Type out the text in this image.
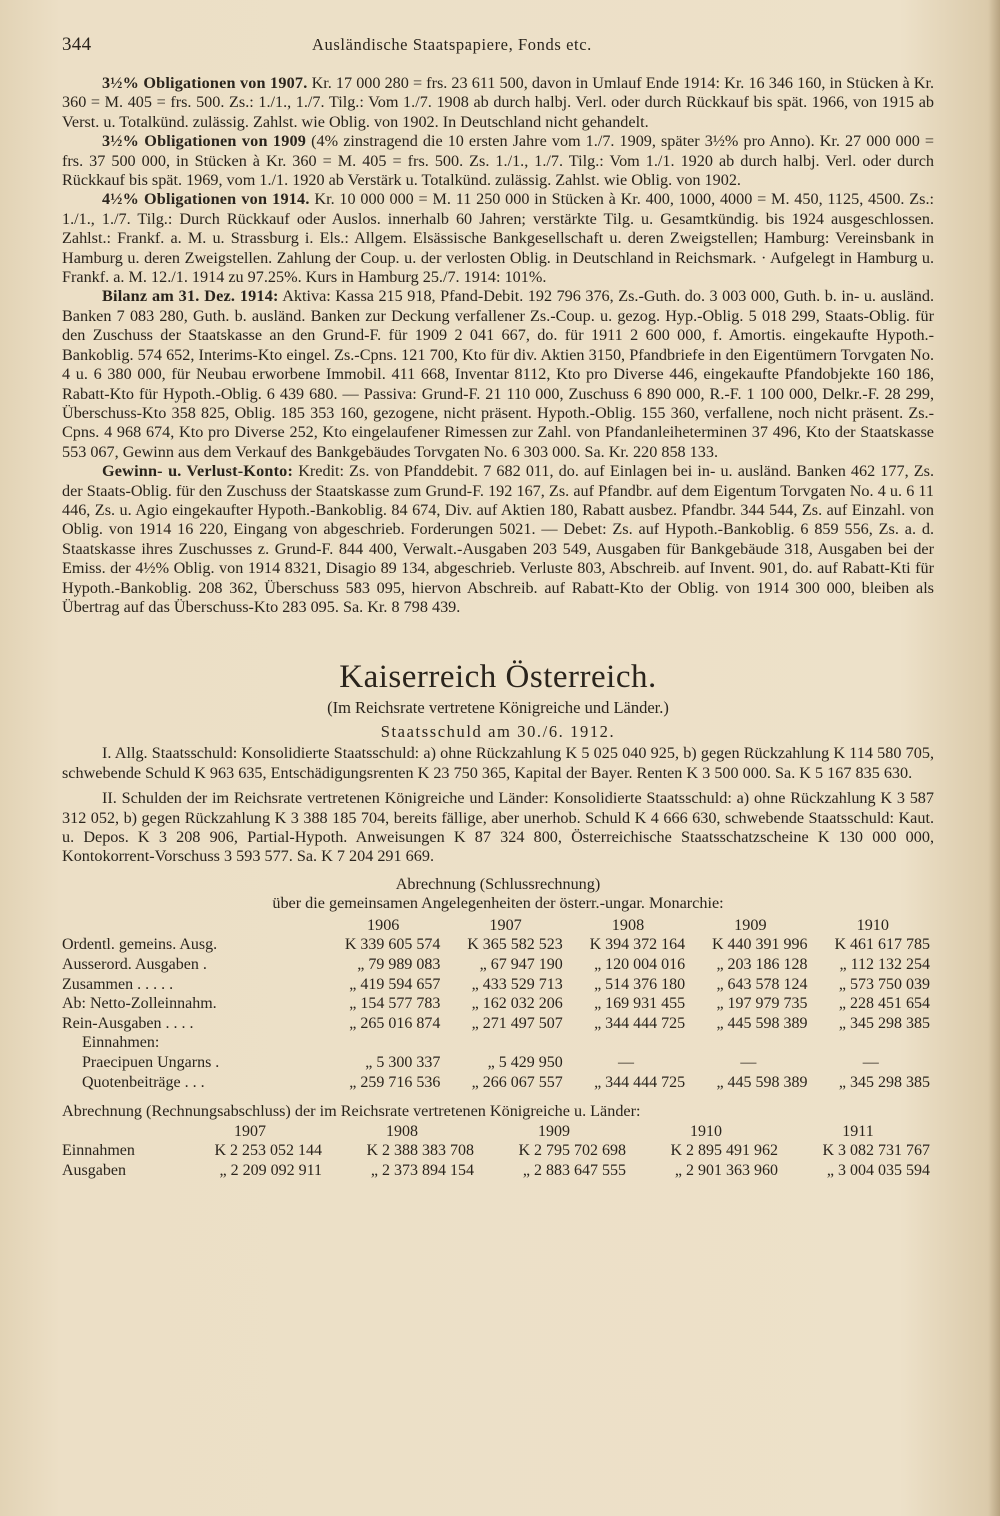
344	Ausländische Staatspapiere, Fonds etc.

3½% Obligationen von 1907. Kr. 17 000 280 = frs. 23 611 500, davon in Umlauf Ende 1914: Kr. 16 346 160, in Stücken à Kr. 360 = M. 405 = frs. 500. Zs.: 1./1., 1./7. Tilg.: Vom 1./7. 1908 ab durch halbj. Verl. oder durch Rückkauf bis spät. 1966, von 1915 ab Verst. u. Totalkünd. zulässig. Zahlst. wie Oblig. von 1902. In Deutschland nicht gehandelt.

3½% Obligationen von 1909 (4% zinstragend die 10 ersten Jahre vom 1./7. 1909, später 3½% pro Anno). Kr. 27 000 000 = frs. 37 500 000, in Stücken à Kr. 360 = M. 405 = frs. 500. Zs. 1./1., 1./7. Tilg.: Vom 1./1. 1920 ab durch halbj. Verl. oder durch Rückkauf bis spät. 1969, vom 1./1. 1920 ab Verstärk u. Totalkünd. zulässig. Zahlst. wie Oblig. von 1902.

4½% Obligationen von 1914. Kr. 10 000 000 = M. 11 250 000 in Stücken à Kr. 400, 1000, 4000 = M. 450, 1125, 4500. Zs.: 1./1., 1./7. Tilg.: Durch Rückkauf oder Auslos. innerhalb 60 Jahren; verstärkte Tilg. u. Gesamtkündig. bis 1924 ausgeschlossen. Zahlst.: Frankf. a. M. u. Strassburg i. Els.: Allgem. Elsässische Bankgesellschaft u. deren Zweigstellen; Hamburg: Vereinsbank in Hamburg u. deren Zweigstellen. Zahlung der Coup. u. der verlosten Oblig. in Deutschland in Reichsmark. · Aufgelegt in Hamburg u. Frankf. a. M. 12./1. 1914 zu 97.25%. Kurs in Hamburg 25./7. 1914: 101%.

Bilanz am 31. Dez. 1914: Aktiva: Kassa 215 918, Pfand-Debit. 192 796 376, Zs.-Guth. do. 3 003 000, Guth. b. in- u. ausländ. Banken 7 083 280, Guth. b. ausländ. Banken zur Deckung verfallener Zs.-Coup. u. gezog. Hyp.-Oblig. 5 018 299, Staats-Oblig. für den Zuschuss der Staatskasse an den Grund-F. für 1909 2 041 667, do. für 1911 2 600 000, f. Amortis. eingekaufte Hypoth.-Bankoblig. 574 652, Interims-Kto eingel. Zs.-Cpns. 121 700, Kto für div. Aktien 3150, Pfandbriefe in den Eigentümern Torvgaten No. 4 u. 6 380 000, für Neubau erworbene Immobil. 411 668, Inventar 8112, Kto pro Diverse 446, eingekaufte Pfandobjekte 160 186, Rabatt-Kto für Hypoth.-Oblig. 6 439 680. — Passiva: Grund-F. 21 110 000, Zuschuss 6 890 000, R.-F. 1 100 000, Delkr.-F. 28 299, Überschuss-Kto 358 825, Oblig. 185 353 160, gezogene, nicht präsent. Hypoth.-Oblig. 155 360, verfallene, noch nicht präsent. Zs.-Cpns. 4 968 674, Kto pro Diverse 252, Kto eingelaufener Rimessen zur Zahl. von Pfandanleiheterminen 37 496, Kto der Staatskasse 553 067, Gewinn aus dem Verkauf des Bankgebäudes Torvgaten No. 6 303 000. Sa. Kr. 220 858 133.

Gewinn- u. Verlust-Konto: Kredit: Zs. von Pfanddebit. 7 682 011, do. auf Einlagen bei in- u. ausländ. Banken 462 177, Zs. der Staats-Oblig. für den Zuschuss der Staatskasse zum Grund-F. 192 167, Zs. auf Pfandbr. auf dem Eigentum Torvgaten No. 4 u. 6 11 446, Zs. u. Agio eingekaufter Hypoth.-Bankoblig. 84 674, Div. auf Aktien 180, Rabatt ausbez. Pfandbr. 344 544, Zs. auf Einzahl. von Oblig. von 1914 16 220, Eingang von abgeschrieb. Forderungen 5021. — Debet: Zs. auf Hypoth.-Bankoblig. 6 859 556, Zs. a. d. Staatskasse ihres Zuschusses z. Grund-F. 844 400, Verwalt.-Ausgaben 203 549, Ausgaben für Bankgebäude 318, Ausgaben bei der Emiss. der 4½% Oblig. von 1914 8321, Disagio 89 134, abgeschrieb. Verluste 803, Abschreib. auf Invent. 901, do. auf Rabatt-Kti für Hypoth.-Bankoblig. 208 362, Überschuss 583 095, hiervon Abschreib. auf Rabatt-Kto der Oblig. von 1914 300 000, bleiben als Übertrag auf das Überschuss-Kto 283 095. Sa. Kr. 8 798 439.

Kaiserreich Österreich.
(Im Reichsrate vertretene Königreiche und Länder.)
Staatsschuld am 30./6. 1912.

I. Allg. Staatsschuld: Konsolidierte Staatsschuld: a) ohne Rückzahlung K 5 025 040 925, b) gegen Rückzahlung K 114 580 705, schwebende Schuld K 963 635, Entschädigungsrenten K 23 750 365, Kapital der Bayer. Renten K 3 500 000. Sa. K 5 167 835 630.

II. Schulden der im Reichsrate vertretenen Königreiche und Länder: Konsolidierte Staatsschuld: a) ohne Rückzahlung K 3 587 312 052, b) gegen Rückzahlung K 3 388 185 704, bereits fällige, aber unerhob. Schuld K 4 666 630, schwebende Staatsschuld: Kaut. u. Depos. K 3 208 906, Partial-Hypoth. Anweisungen K 87 324 800, Österreichische Staatsschatzscheine K 130 000 000, Kontokorrent-Vorschuss 3 593 577. Sa. K 7 204 291 669.

Abrechnung (Schlussrechnung)
über die gemeinsamen Angelegenheiten der österr.-ungar. Monarchie:
	1906	1907	1908	1909	1910
Ordentl. gemeins. Ausg.	K 339 605 574	K 365 582 523	K 394 372 164	K 440 391 996	K 461 617 785
Ausserord. Ausgaben .	„ 79 989 083	„ 67 947 190	„ 120 004 016	„ 203 186 128	„ 112 132 254
Zusammen . . . . .	„ 419 594 657	„ 433 529 713	„ 514 376 180	„ 643 578 124	„ 573 750 039
Ab: Netto-Zolleinnahm.	„ 154 577 783	„ 162 032 206	„ 169 931 455	„ 197 979 735	„ 228 451 654
Rein-Ausgaben . . . .	„ 265 016 874	„ 271 497 507	„ 344 444 725	„ 445 598 389	„ 345 298 385
Einnahmen:					
Praecipuen Ungarns .	„ 5 300 337	„ 5 429 950	—	—	—
Quotenbeiträge . . .	„ 259 716 536	„ 266 067 557	„ 344 444 725	„ 445 598 389	„ 345 298 385
Abrechnung (Rechnungsabschluss) der im Reichsrate vertretenen Königreiche u. Länder:
	1907	1908	1909	1910	1911
Einnahmen	K 2 253 052 144	K 2 388 383 708	K 2 795 702 698	K 2 895 491 962	K 3 082 731 767
Ausgaben	„ 2 209 092 911	„ 2 373 894 154	„ 2 883 647 555	„ 2 901 363 960	„ 3 004 035 594
